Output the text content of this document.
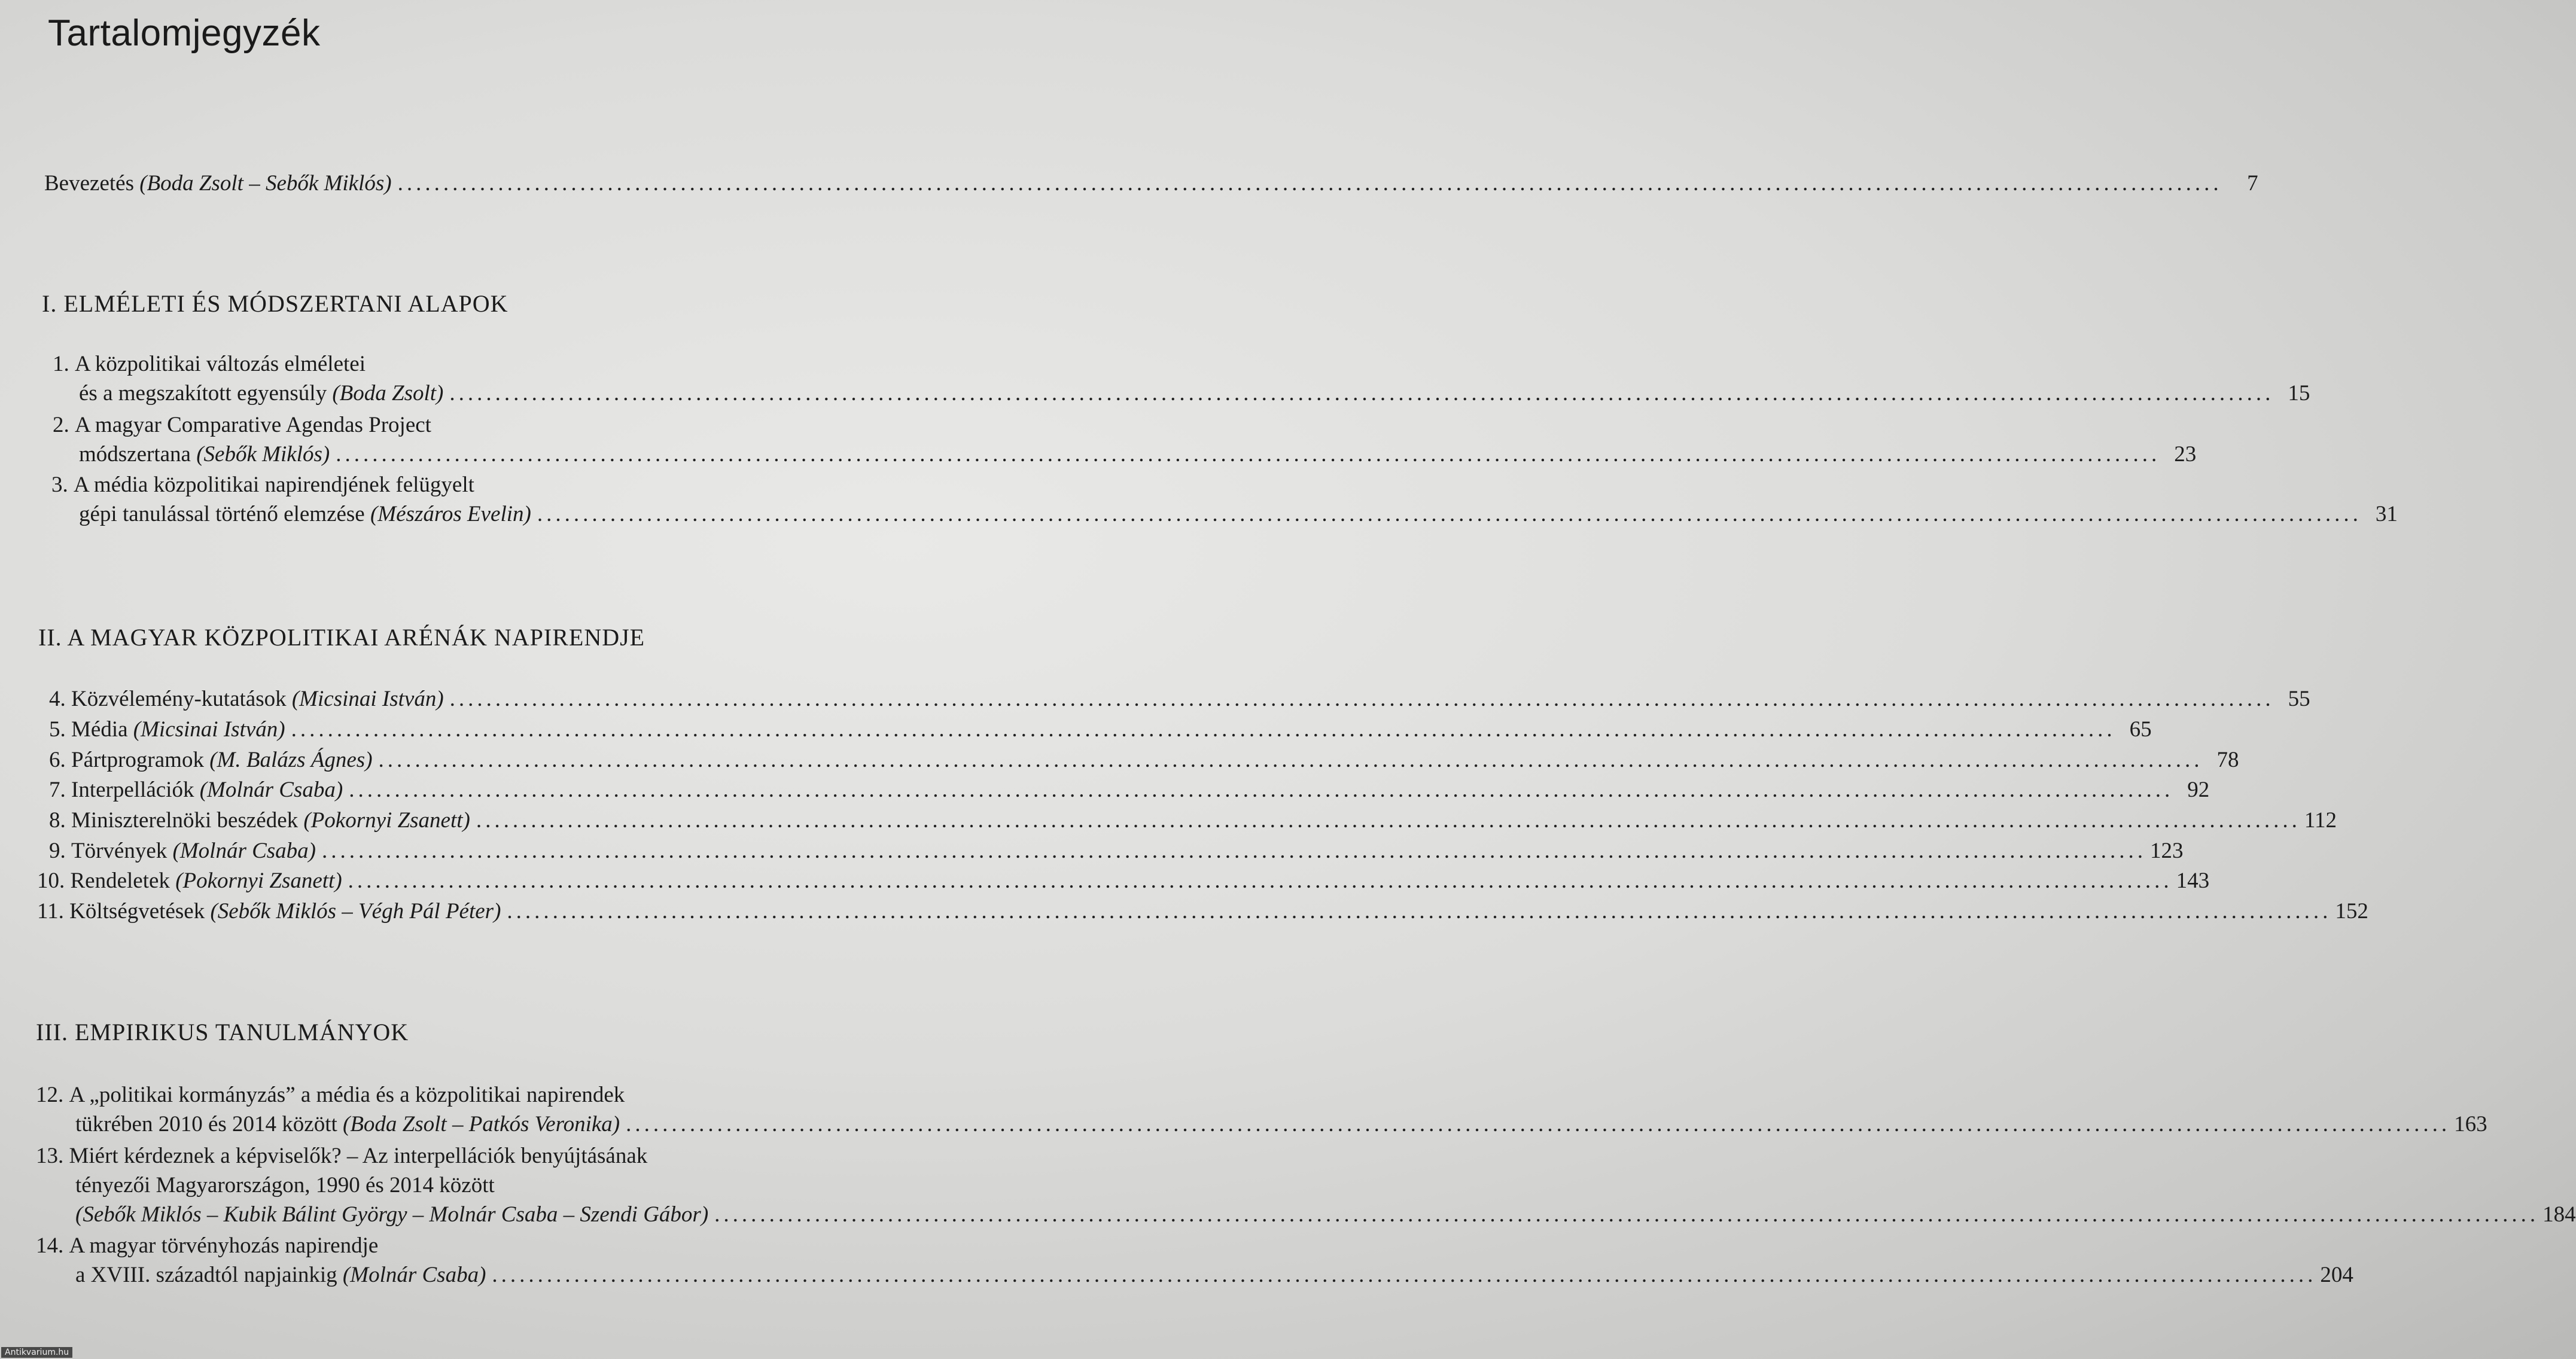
Tartalomjegyzék
Bevezetés
(Boda Zsolt – Sebők Miklós) ........................................................................................................................................................................................................	7
I. ELMÉLETI ÉS MÓDSZERTANI ALAPOK
1.
A közpolitikai változás elméletei
és a megszakított egyensúly
(Boda Zsolt) ........................................................................................................................................................................................................ 15
2.
A magyar Comparative Agendas Project
módszertana
(Sebők Miklós) ........................................................................................................................................................................................................ 23
3.
A média közpolitikai napirendjének felügyelt
gépi tanulással történő elemzése
(Mészáros Evelin) ........................................................................................................................................................................................................ 31
II. A MAGYAR KÖZPOLITIKAI ARÉNÁK NAPIRENDJE
4.
Közvélemény-kutatások
(Micsinai István) ........................................................................................................................................................................................................ 55
5.
Média
(Micsinai István) ........................................................................................................................................................................................................ 65
6.
Pártprogramok
(M. Balázs Ágnes) ........................................................................................................................................................................................................ 78
7.
Interpellációk
(Molnár Csaba) ........................................................................................................................................................................................................ 92
8.
Miniszterelnöki beszédek
(Pokornyi Zsanett) ........................................................................................................................................................................................................ 112
9.
Törvények
(Molnár Csaba) ........................................................................................................................................................................................................ 123
10.
Rendeletek
(Pokornyi Zsanett) ........................................................................................................................................................................................................ 143
11.
Költségvetések
(Sebők Miklós – Végh Pál Péter) ........................................................................................................................................................................................................ 152
III. EMPIRIKUS TANULMÁNYOK
12.
A „politikai kormányzás” a média és a közpolitikai napirendek
tükrében 2010 és 2014 között
(Boda Zsolt – Patkós Veronika) ........................................................................................................................................................................................................ 163
13.
Miért kérdeznek a képviselők? – Az interpellációk benyújtásának
tényezői Magyarországon, 1990 és 2014 között
(Sebők Miklós – Kubik Bálint György – Molnár Csaba – Szendi Gábor) ........................................................................................................................................................................................................ 184
14.
A magyar törvényhozás napirendje
a XVIII. századtól napjainkig
(Molnár Csaba) ........................................................................................................................................................................................................ 204
Antikvarium.hu
